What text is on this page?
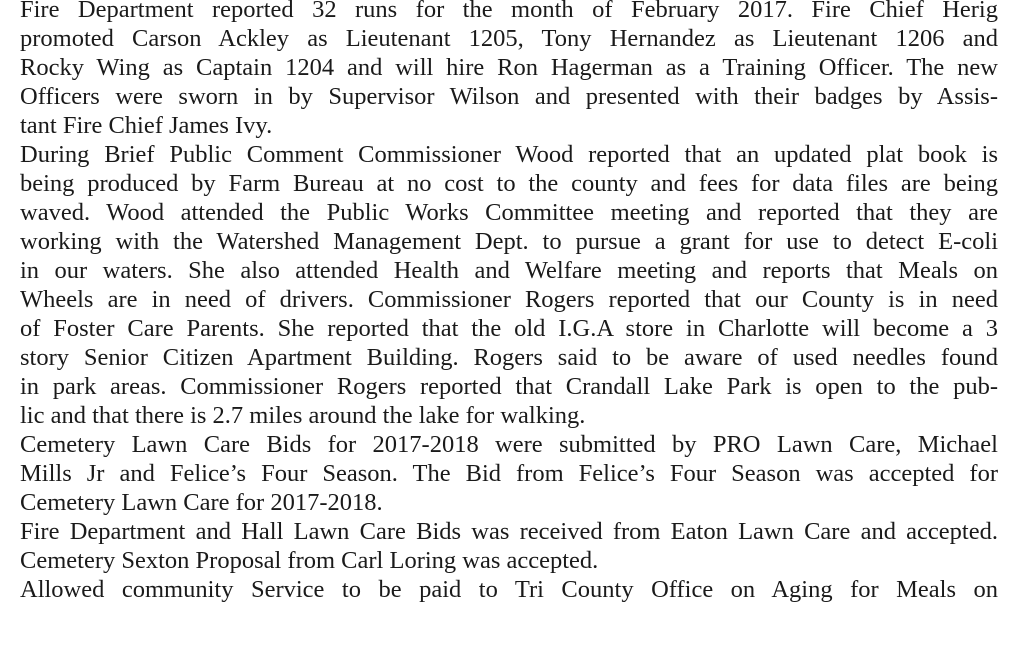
Fire Department reported 32 runs for the month of February 2017. Fire Chief Herig
promoted Carson Ackley as Lieutenant 1205, Tony Hernandez as Lieutenant 1206 and
Rocky Wing as Captain 1204 and will hire Ron Hagerman as a Training Officer. The new
Officers were sworn in by Supervisor Wilson and presented with their badges by Assis-
tant Fire Chief James Ivy.
During Brief Public Comment Commissioner Wood reported that an updated plat book is
being produced by Farm Bureau at no cost to the county and fees for data files are being
waved. Wood attended the Public Works Committee meeting and reported that they are
working with the Watershed Management Dept. to pursue a grant for use to detect E-coli
in our waters. She also attended Health and Welfare meeting and reports that Meals on
Wheels are in need of drivers. Commissioner Rogers reported that our County is in need
of Foster Care Parents. She reported that the old I.G.A store in Charlotte will become a 3
story Senior Citizen Apartment Building. Rogers said to be aware of used needles found
in park areas. Commissioner Rogers reported that Crandall Lake Park is open to the pub-
lic and that there is 2.7 miles around the lake for walking.
Cemetery Lawn Care Bids for 2017-2018 were submitted by PRO Lawn Care, Michael
Mills Jr and Felice’s Four Season. The Bid from Felice’s Four Season was accepted for
Cemetery Lawn Care for 2017-2018.
Fire Department and Hall Lawn Care Bids was received from Eaton Lawn Care and accepted.
Cemetery Sexton Proposal from Carl Loring was accepted.
Allowed community Service to be paid to Tri County Office on Aging for Meals on
